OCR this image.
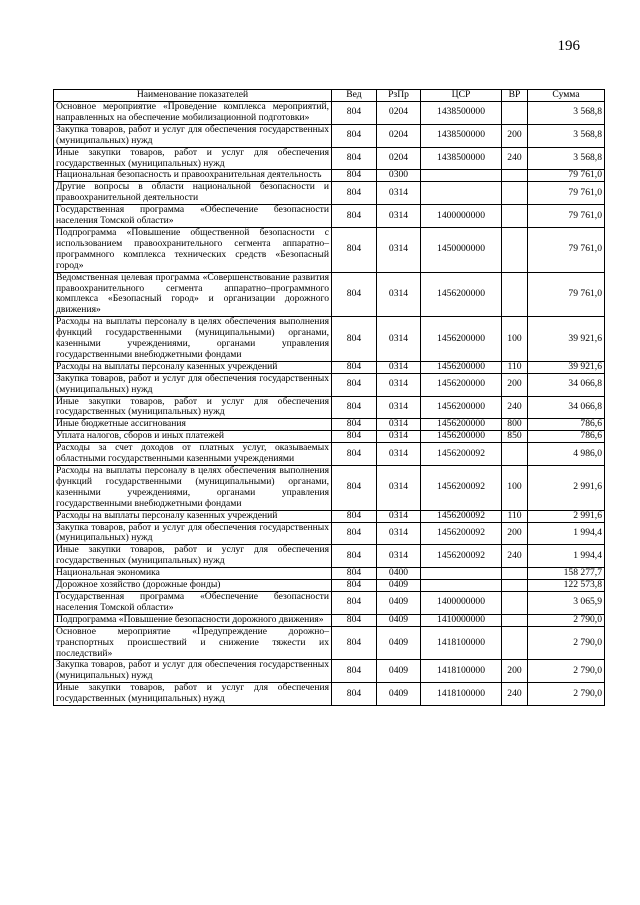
196
Наименование показателей	Вед	РзПр	ЦСР	ВР	Сумма
Основное мероприятие «Проведение комплекса мероприятий, направленных на обеспечение мобилизационной подготовки»	804	0204	1438500000		3 568,8
Закупка товаров, работ и услуг для обеспечения государственных (муниципальных) нужд	804	0204	1438500000	200	3 568,8
Иные закупки товаров, работ и услуг для обеспечения государственных (муниципальных) нужд	804	0204	1438500000	240	3 568,8
Национальная безопасность и правоохранительная деятельность	804	0300			79 761,0
Другие вопросы в области национальной безопасности и правоохранительной деятельности	804	0314			79 761,0
Государственная программа «Обеспечение безопасности населения Томской области»	804	0314	1400000000		79 761,0
Подпрограмма «Повышение общественной безопасности с использованием правоохранительного сегмента аппаратно–программного комплекса технических средств «Безопасный город»	804	0314	1450000000		79 761,0
Ведомственная целевая программа «Совершенствование развития правоохранительного сегмента аппаратно–программного комплекса «Безопасный город» и организации дорожного движения»	804	0314	1456200000		79 761,0
Расходы на выплаты персоналу в целях обеспечения выполнения функций государственными (муниципальными) органами, казенными учреждениями, органами управления государственными внебюджетными фондами	804	0314	1456200000	100	39 921,6
Расходы на выплаты персоналу казенных учреждений	804	0314	1456200000	110	39 921,6
Закупка товаров, работ и услуг для обеспечения государственных (муниципальных) нужд	804	0314	1456200000	200	34 066,8
Иные закупки товаров, работ и услуг для обеспечения государственных (муниципальных) нужд	804	0314	1456200000	240	34 066,8
Иные бюджетные ассигнования	804	0314	1456200000	800	786,6
Уплата налогов, сборов и иных платежей	804	0314	1456200000	850	786,6
Расходы за счет доходов от платных услуг, оказываемых областными государственными казенными учреждениями	804	0314	1456200092		4 986,0
Расходы на выплаты персоналу в целях обеспечения выполнения функций государственными (муниципальными) органами, казенными учреждениями, органами управления государственными внебюджетными фондами	804	0314	1456200092	100	2 991,6
Расходы на выплаты персоналу казенных учреждений	804	0314	1456200092	110	2 991,6
Закупка товаров, работ и услуг для обеспечения государственных (муниципальных) нужд	804	0314	1456200092	200	1 994,4
Иные закупки товаров, работ и услуг для обеспечения государственных (муниципальных) нужд	804	0314	1456200092	240	1 994,4
Национальная экономика	804	0400			158 277,7
Дорожное хозяйство (дорожные фонды)	804	0409			122 573,8
Государственная программа «Обеспечение безопасности населения Томской области»	804	0409	1400000000		3 065,9
Подпрограмма «Повышение безопасности дорожного движения»	804	0409	1410000000		2 790,0
Основное мероприятие «Предупреждение дорожно–транспортных происшествий и снижение тяжести их последствий»	804	0409	1418100000		2 790,0
Закупка товаров, работ и услуг для обеспечения государственных (муниципальных) нужд	804	0409	1418100000	200	2 790,0
Иные закупки товаров, работ и услуг для обеспечения государственных (муниципальных) нужд	804	0409	1418100000	240	2 790,0
